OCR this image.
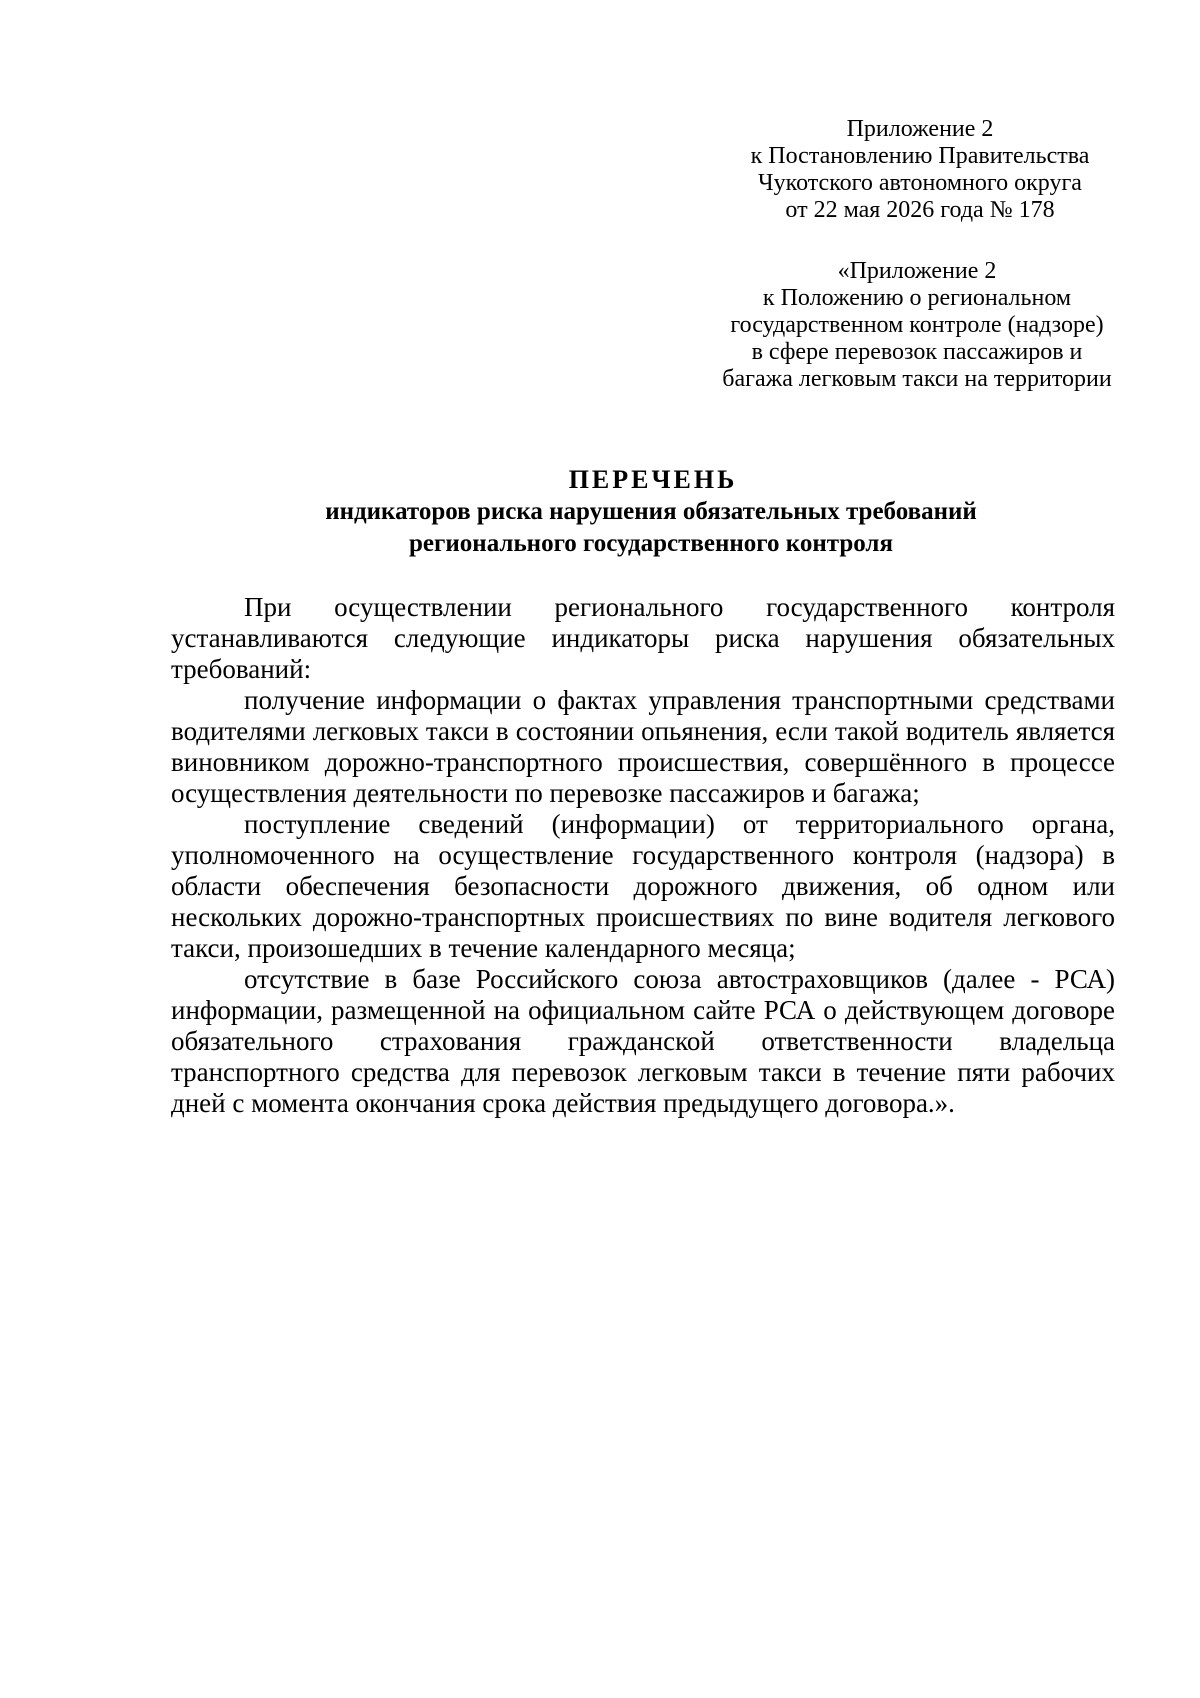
Приложение 2
к Постановлению Правительства
Чукотского автономного округа
от 22 мая 2026 года № 178
«Приложение 2
к Положению о региональном
государственном контроле (надзоре)
в сфере перевозок пассажиров и
багажа легковым такси на территории
ПЕРЕЧЕНЬ
индикаторов риска нарушения обязательных требований
регионального государственного контроля

При осуществлении регионального государственного контроля устанавливаются следующие индикаторы риска нарушения обязательных требований:

получение информации о фактах управления транспортными средствами водителями легковых такси в состоянии опьянения, если такой водитель является виновником дорожно-транспортного происшествия, совершённого в процессе осуществления деятельности по перевозке пассажиров и багажа;

поступление сведений (информации) от территориального органа, уполномоченного на осуществление государственного контроля (надзора) в области обеспечения безопасности дорожного движения, об одном или нескольких дорожно-транспортных происшествиях по вине водителя легкового такси, произошедших в течение календарного месяца;

отсутствие в базе Российского союза автостраховщиков (далее - РСА) информации, размещенной на официальном сайте РСА о действующем договоре обязательного страхования гражданской ответственности владельца транспортного средства для перевозок легковым такси в течение пяти рабочих дней с момента окончания срока действия предыдущего договора.».
